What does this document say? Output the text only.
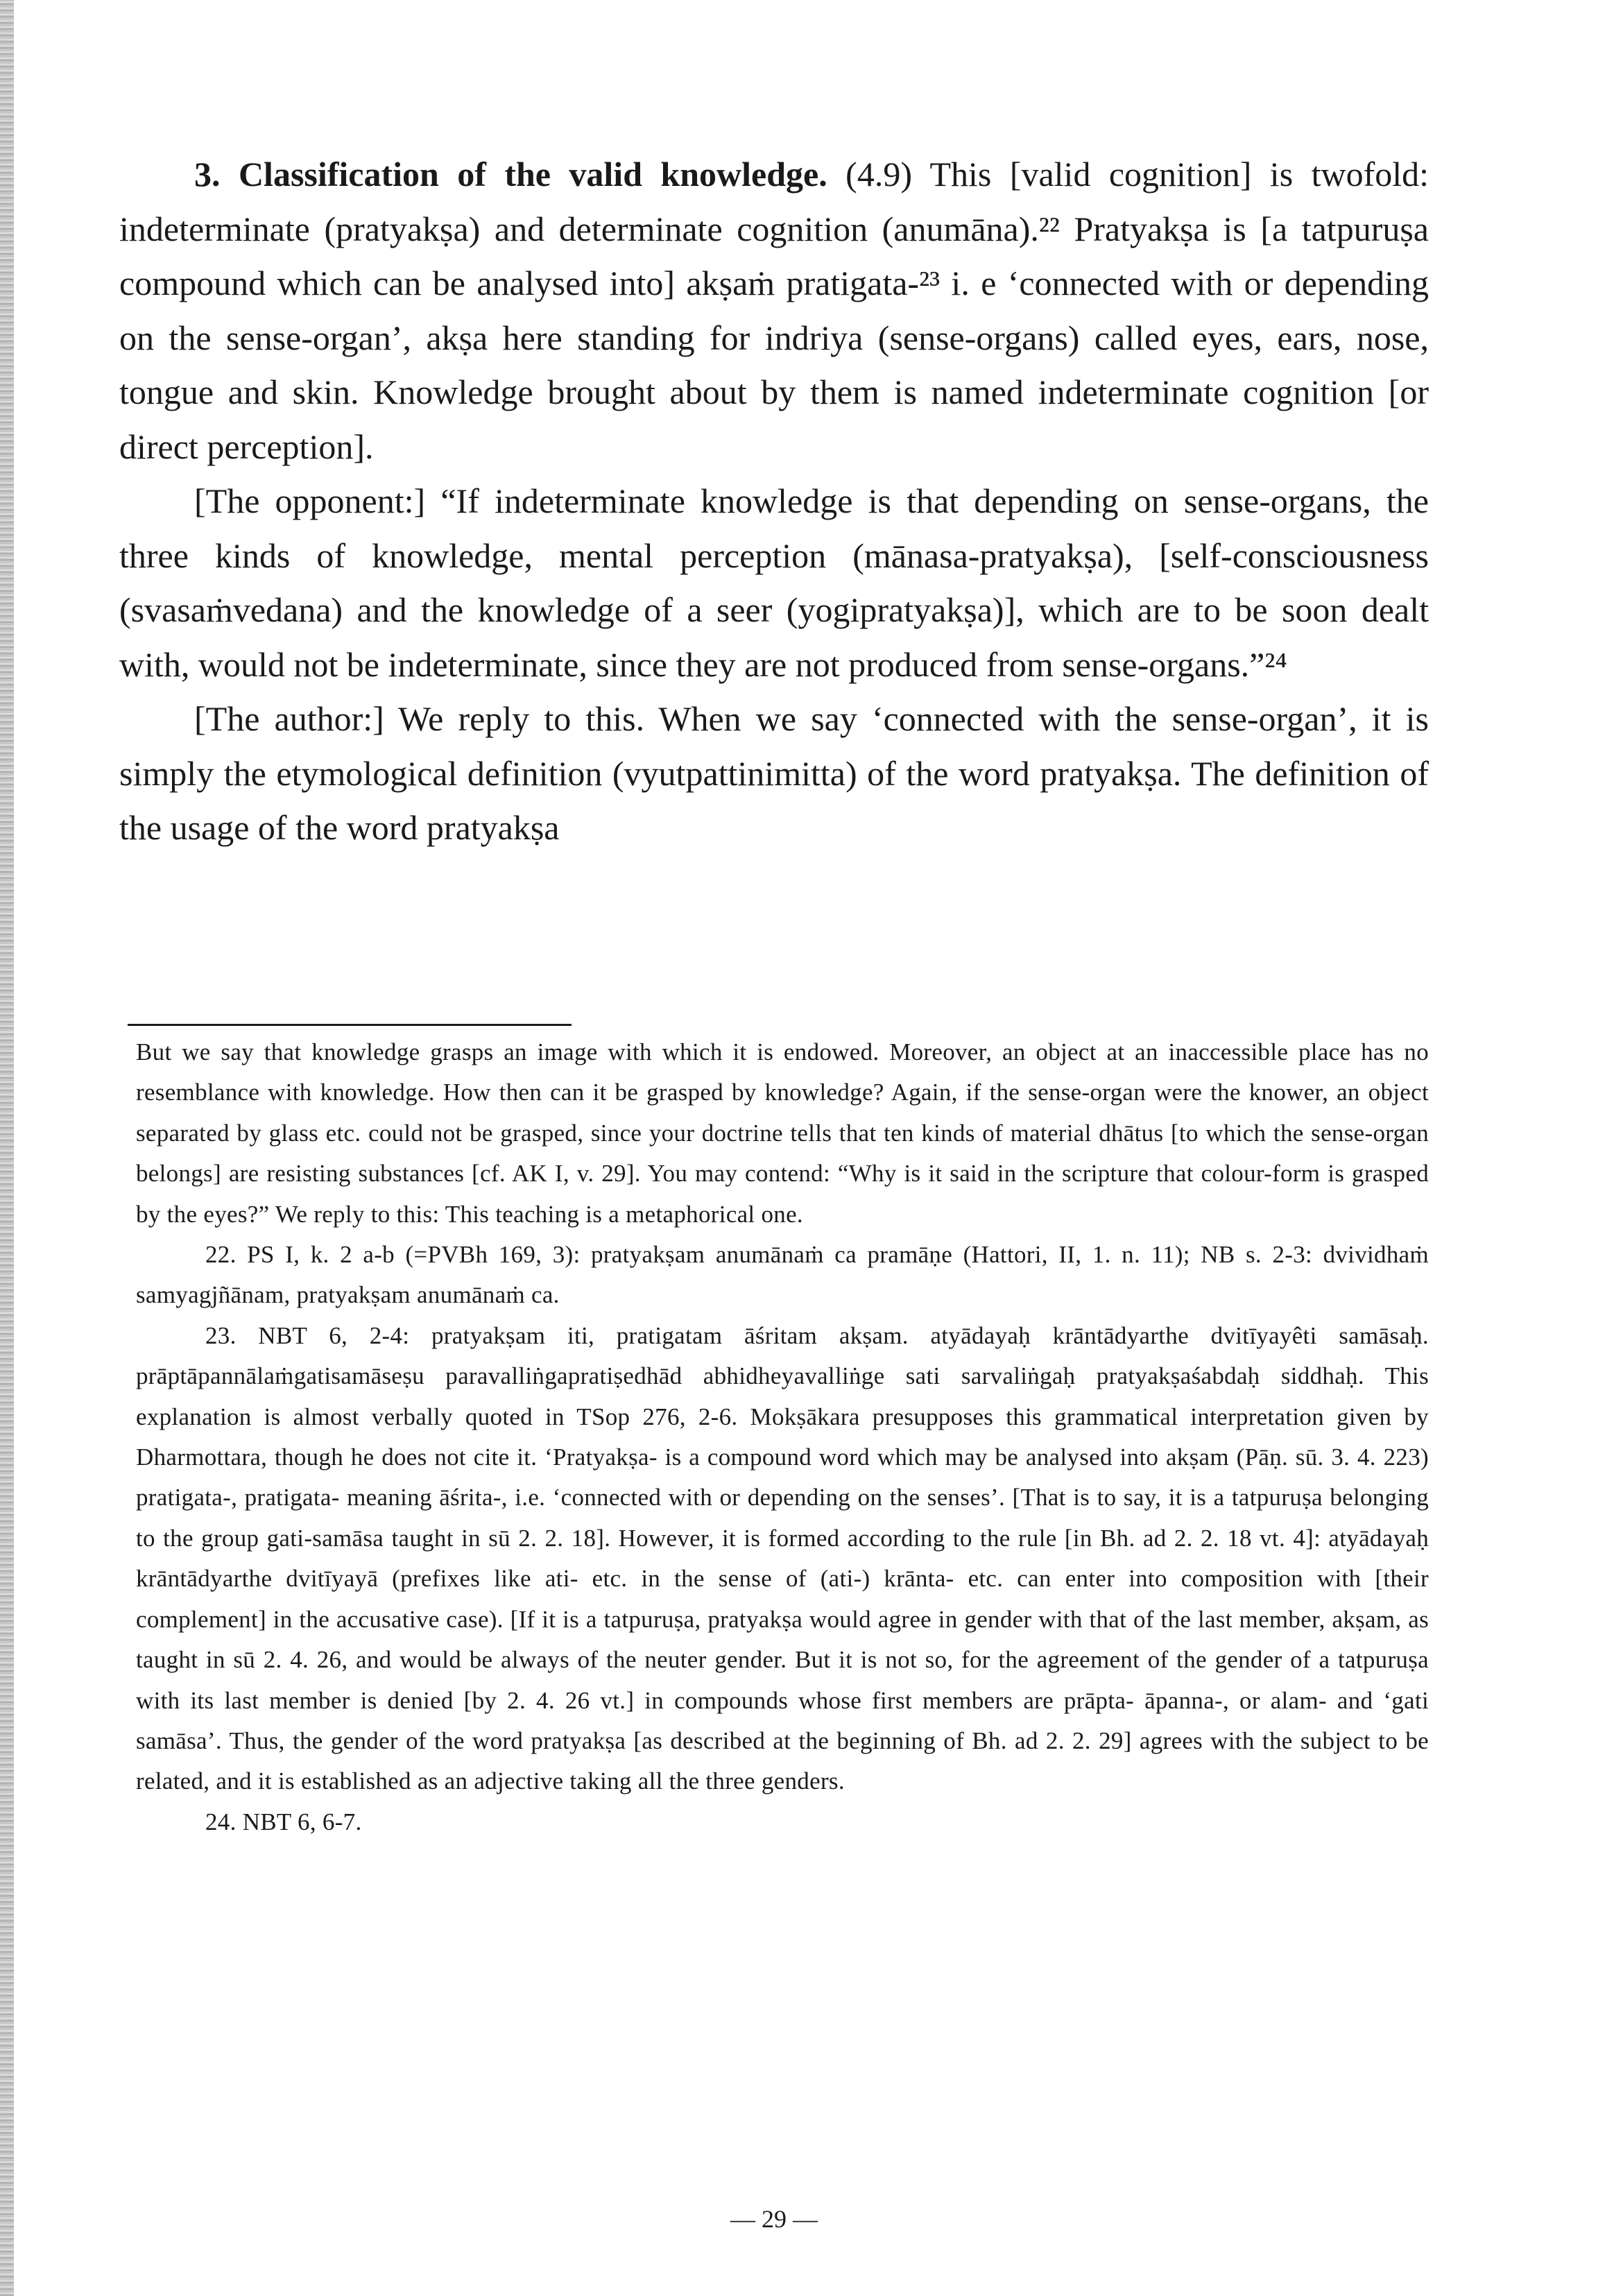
3. Classification of the valid knowledge. (4.9) This [valid cognition] is twofold: indeterminate (pratyakṣa) and determinate cognition (anumāna).²² Pratyakṣa is [a tatpuruṣa compound which can be analysed into] akṣaṁ pratigata-²³ i. e ‘connected with or depending on the sense-organ’, akṣa here standing for indriya (sense-organs) called eyes, ears, nose, tongue and skin. Knowledge brought about by them is named indeterminate cognition [or direct perception].

[The opponent:] “If indeterminate knowledge is that depending on sense-organs, the three kinds of knowledge, mental perception (mānasa-pratyakṣa), [self-consciousness (svasaṁvedana) and the knowledge of a seer (yogipratyakṣa)], which are to be soon dealt with, would not be indeterminate, since they are not produced from sense-organs.”²⁴

[The author:] We reply to this. When we say ‘connected with the sense-organ’, it is simply the etymological definition (vyutpattinimitta) of the word pratyakṣa. The definition of the usage of the word pratyakṣa

But we say that knowledge grasps an image with which it is endowed. Moreover, an object at an inaccessible place has no resemblance with knowledge. How then can it be grasped by knowledge? Again, if the sense-organ were the knower, an object separated by glass etc. could not be grasped, since your doctrine tells that ten kinds of material dhātus [to which the sense-organ belongs] are resisting substances [cf. AK I, v. 29]. You may contend: “Why is it said in the scripture that colour-form is grasped by the eyes?” We reply to this: This teaching is a metaphorical one.

22. PS I, k. 2 a-b (=PVBh 169, 3): pratyakṣam anumānaṁ ca pramāṇe (Hattori, II, 1. n. 11); NB s. 2-3: dvividhaṁ samyagjñānam, pratyakṣam anumānaṁ ca.

23. NBT 6, 2-4: pratyakṣam iti, pratigatam āśritam akṣam. atyādayaḥ krāntādyarthe dvitīyayêti samāsaḥ. prāptāpannālaṁgatisamāseṣu paravalliṅgapratiṣedhād abhidheyavalliṅge sati sarvaliṅgaḥ pratyakṣaśabdaḥ siddhaḥ. This explanation is almost verbally quoted in TSop 276, 2-6. Mokṣākara presupposes this grammatical interpretation given by Dharmottara, though he does not cite it. ‘Pratyakṣa- is a compound word which may be analysed into akṣam (Pāṇ. sū. 3. 4. 223) pratigata-, pratigata- meaning āśrita-, i.e. ‘connected with or depending on the senses’. [That is to say, it is a tatpuruṣa belonging to the group gati-samāsa taught in sū 2. 2. 18]. However, it is formed according to the rule [in Bh. ad 2. 2. 18 vt. 4]: atyādayaḥ krāntādyarthe dvitīyayā (prefixes like ati- etc. in the sense of (ati-) krānta- etc. can enter into composition with [their complement] in the accusative case). [If it is a tatpuruṣa, pratyakṣa would agree in gender with that of the last member, akṣam, as taught in sū 2. 4. 26, and would be always of the neuter gender. But it is not so, for the agreement of the gender of a tatpuruṣa with its last member is denied [by 2. 4. 26 vt.] in compounds whose first members are prāpta- āpanna-, or alam- and ‘gati samāsa’. Thus, the gender of the word pratyakṣa [as described at the beginning of Bh. ad 2. 2. 29] agrees with the subject to be related, and it is established as an adjective taking all the three genders.

24. NBT 6, 6-7.

— 29 —
